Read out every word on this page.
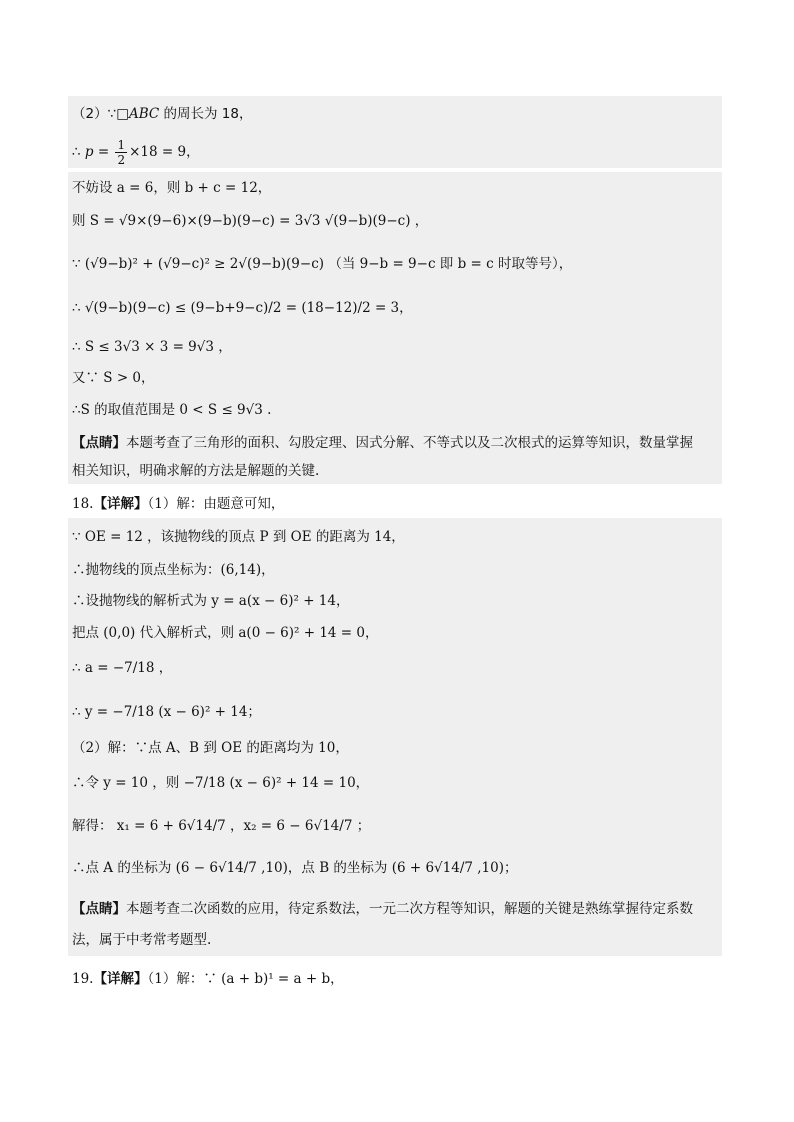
（2）∵□ABC 的周长为 18，
∴ $p = \frac{1}{2} \times 18 = 9$，
不妨设 a = 6，则 b + c = 12，
则 S = √9×(9−6)×(9−b)(9−c) = 3√3 √(9−b)(9−c) ，
∵ (√9−b)² + (√9−c)² ≥ 2√(9−b)(9−c) （当 9−b = 9−c 即 b = c 时取等号），
∴ √(9−b)(9−c) ≤ (9−b+9−c)/2 = (18−12)/2 = 3，
∴ S ≤ 3√3 × 3 = 9√3 ，
又∵ S > 0，
∴S 的取值范围是 0 < S ≤ 9√3 .
【点睛】本题考查了三角形的面积、勾股定理、因式分解、不等式以及二次根式的运算等知识，数量掌握
相关知识，明确求解的方法是解题的关键.
18.【详解】（1）解：由题意可知，
∵ OE = 12 ，该抛物线的顶点 P 到 OE 的距离为 14，
∴抛物线的顶点坐标为：(6,14)，
∴设抛物线的解析式为 y = a(x − 6)² + 14，
把点 (0,0) 代入解析式，则 a(0 − 6)² + 14 = 0，
∴ a = −7/18 ，
∴ y = −7/18 (x − 6)² + 14；
（2）解：∵点 A、B 到 OE 的距离均为 10，
∴令 y = 10 ，则 −7/18 (x − 6)² + 14 = 10，
解得： x₁ = 6 + 6√14/7 ，x₂ = 6 − 6√14/7 ；
∴点 A 的坐标为 (6 − 6√14/7 ,10)，点 B 的坐标为 (6 + 6√14/7 ,10)；
【点睛】本题考查二次函数的应用，待定系数法，一元二次方程等知识，解题的关键是熟练掌握待定系数
法，属于中考常考题型.
19.【详解】（1）解：∵ (a + b)¹ = a + b，
